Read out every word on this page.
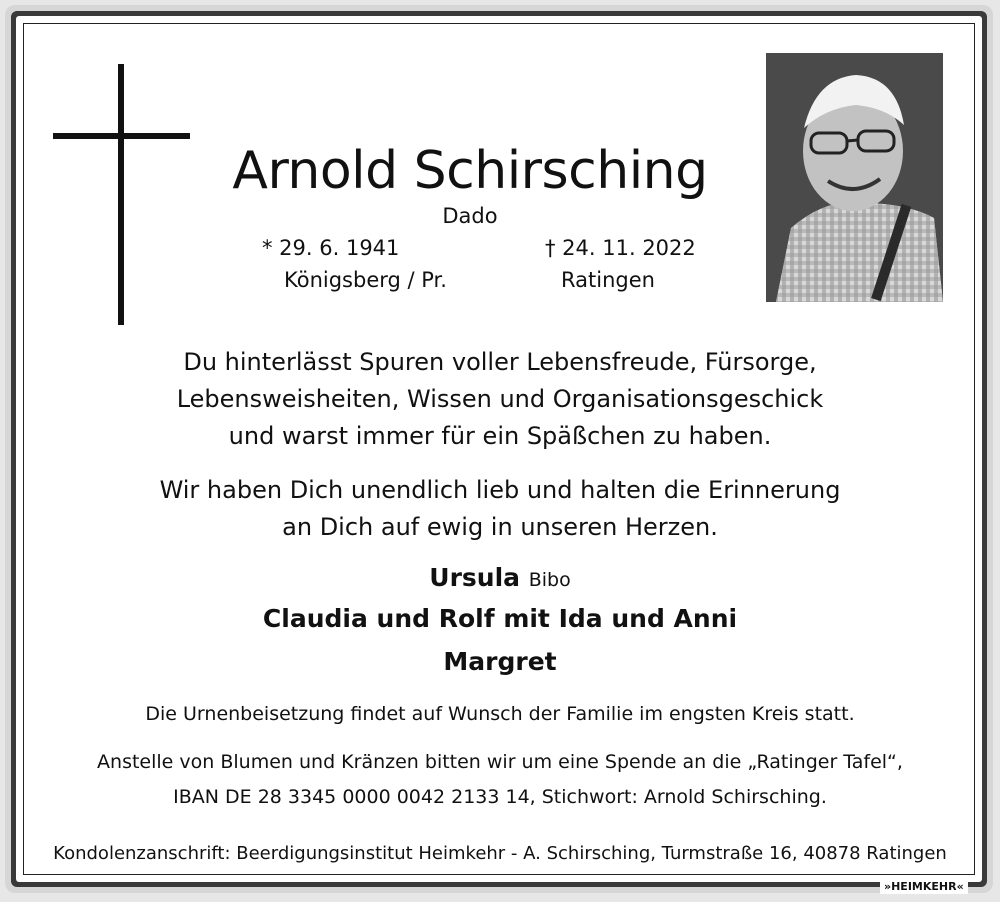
Arnold Schirsching
Dado
* 29. 6. 1941
Königsberg / Pr.
† 24. 11. 2022
Ratingen
Du hinterlässt Spuren voller Lebensfreude, Fürsorge,
Lebensweisheiten, Wissen und Organisationsgeschick
und warst immer für ein Späßchen zu haben.
Wir haben Dich unendlich lieb und halten die Erinnerung
an Dich auf ewig in unseren Herzen.
Ursula Bibo
Claudia und Rolf mit Ida und Anni
Margret
Die Urnenbeisetzung findet auf Wunsch der Familie im engsten Kreis statt.
Anstelle von Blumen und Kränzen bitten wir um eine Spende an die „Ratinger Tafel“,
IBAN DE 28 3345 0000 0042 2133 14, Stichwort: Arnold Schirsching.
Kondolenzanschrift: Beerdigungsinstitut Heimkehr - A. Schirsching, Turmstraße 16, 40878 Ratingen
»HEIMKEHR«
